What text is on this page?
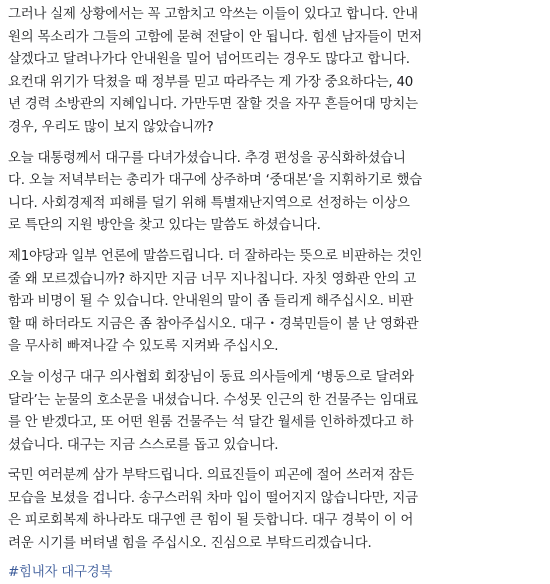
그러나 실제 상황에서는 꼭 고함치고 악쓰는 이들이 있다고 합니다. 안내
원의 목소리가 그들의 고함에 묻혀 전달이 안 됩니다. 힘센 남자들이 먼저
살겠다고 달려나가다 안내원을 밀어 넘어뜨리는 경우도 많다고 합니다.
요컨대 위기가 닥쳤을 때 정부를 믿고 따라주는 게 가장 중요하다는, 40
년 경력 소방관의 지혜입니다. 가만두면 잘할 것을 자꾸 흔들어대 망치는
경우, 우리도 많이 보지 않았습니까?

오늘 대통령께서 대구를 다녀가셨습니다. 추경 편성을 공식화하셨습니
다. 오늘 저녁부터는 총리가 대구에 상주하며 ‘중대본’을 지휘하기로 했습
니다. 사회경제적 피해를 덜기 위해 특별재난지역으로 선정하는 이상으
로 특단의 지원 방안을 찾고 있다는 말씀도 하셨습니다.

제1야당과 일부 언론에 말씀드립니다. 더 잘하라는 뜻으로 비판하는 것인
줄 왜 모르겠습니까? 하지만 지금 너무 지나칩니다. 자칫 영화관 안의 고
함과 비명이 될 수 있습니다. 안내원의 말이 좀 들리게 해주십시오. 비판
할 때 하더라도 지금은 좀 참아주십시오. 대구・경북민들이 불 난 영화관
을 무사히 빠져나갈 수 있도록 지켜봐 주십시오.

오늘 이성구 대구 의사협회 회장님이 동료 의사들에게 ‘병동으로 달려와
달라’는 눈물의 호소문을 내셨습니다. 수성못 인근의 한 건물주는 임대료
를 안 받겠다고, 또 어떤 원룸 건물주는 석 달간 월세를 인하하겠다고 하
셨습니다. 대구는 지금 스스로를 돕고 있습니다.

국민 여러분께 삼가 부탁드립니다. 의료진들이 피곤에 절어 쓰러져 잠든
모습을 보셨을 겁니다. 송구스러워 차마 입이 떨어지지 않습니다만, 지금
은 피로회복제 하나라도 대구엔 큰 힘이 될 듯합니다. 대구 경북이 이 어
려운 시기를 버텨낼 힘을 주십시오. 진심으로 부탁드리겠습니다.

#힘내자 대구경북
